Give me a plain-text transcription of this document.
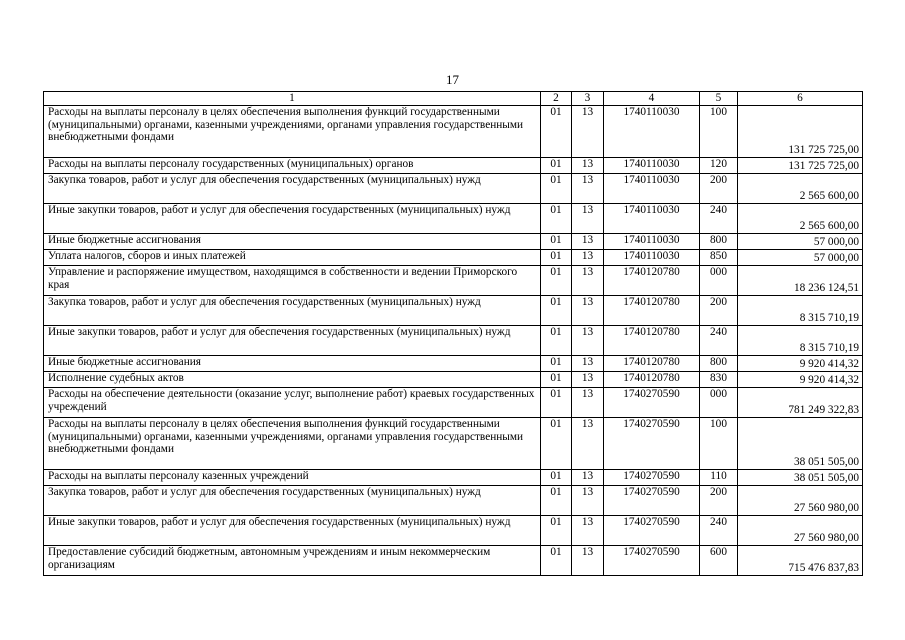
17
1	2	3	4	5	6
Расходы на выплаты персоналу в целях обеспечения выполнения функций государственными (муниципальными) органами, казенными учреждениями, органами управления государственными внебюджетными фондами	01	13	1740110030	100	131 725 725,00
Расходы на выплаты персоналу государственных (муниципальных) органов	01	13	1740110030	120	131 725 725,00
Закупка товаров, работ и услуг для обеспечения государственных (муниципальных) нужд	01	13	1740110030	200	2 565 600,00
Иные закупки товаров, работ и услуг для обеспечения государственных (муниципальных) нужд	01	13	1740110030	240	2 565 600,00
Иные бюджетные ассигнования	01	13	1740110030	800	57 000,00
Уплата налогов, сборов и иных платежей	01	13	1740110030	850	57 000,00
Управление и распоряжение имуществом, находящимся в собственности и ведении Приморского края	01	13	1740120780	000	18 236 124,51
Закупка товаров, работ и услуг для обеспечения государственных (муниципальных) нужд	01	13	1740120780	200	8 315 710,19
Иные закупки товаров, работ и услуг для обеспечения государственных (муниципальных) нужд	01	13	1740120780	240	8 315 710,19
Иные бюджетные ассигнования	01	13	1740120780	800	9 920 414,32
Исполнение судебных актов	01	13	1740120780	830	9 920 414,32
Расходы на обеспечение деятельности (оказание услуг, выполнение работ) краевых государственных учреждений	01	13	1740270590	000	781 249 322,83
Расходы на выплаты персоналу в целях обеспечения выполнения функций государственными (муниципальными) органами, казенными учреждениями, органами управления государственными внебюджетными фондами	01	13	1740270590	100	38 051 505,00
Расходы на выплаты персоналу казенных учреждений	01	13	1740270590	110	38 051 505,00
Закупка товаров, работ и услуг для обеспечения государственных (муниципальных) нужд	01	13	1740270590	200	27 560 980,00
Иные закупки товаров, работ и услуг для обеспечения государственных (муниципальных) нужд	01	13	1740270590	240	27 560 980,00
Предоставление субсидий бюджетным, автономным учреждениям и иным некоммерческим организациям	01	13	1740270590	600	715 476 837,83
